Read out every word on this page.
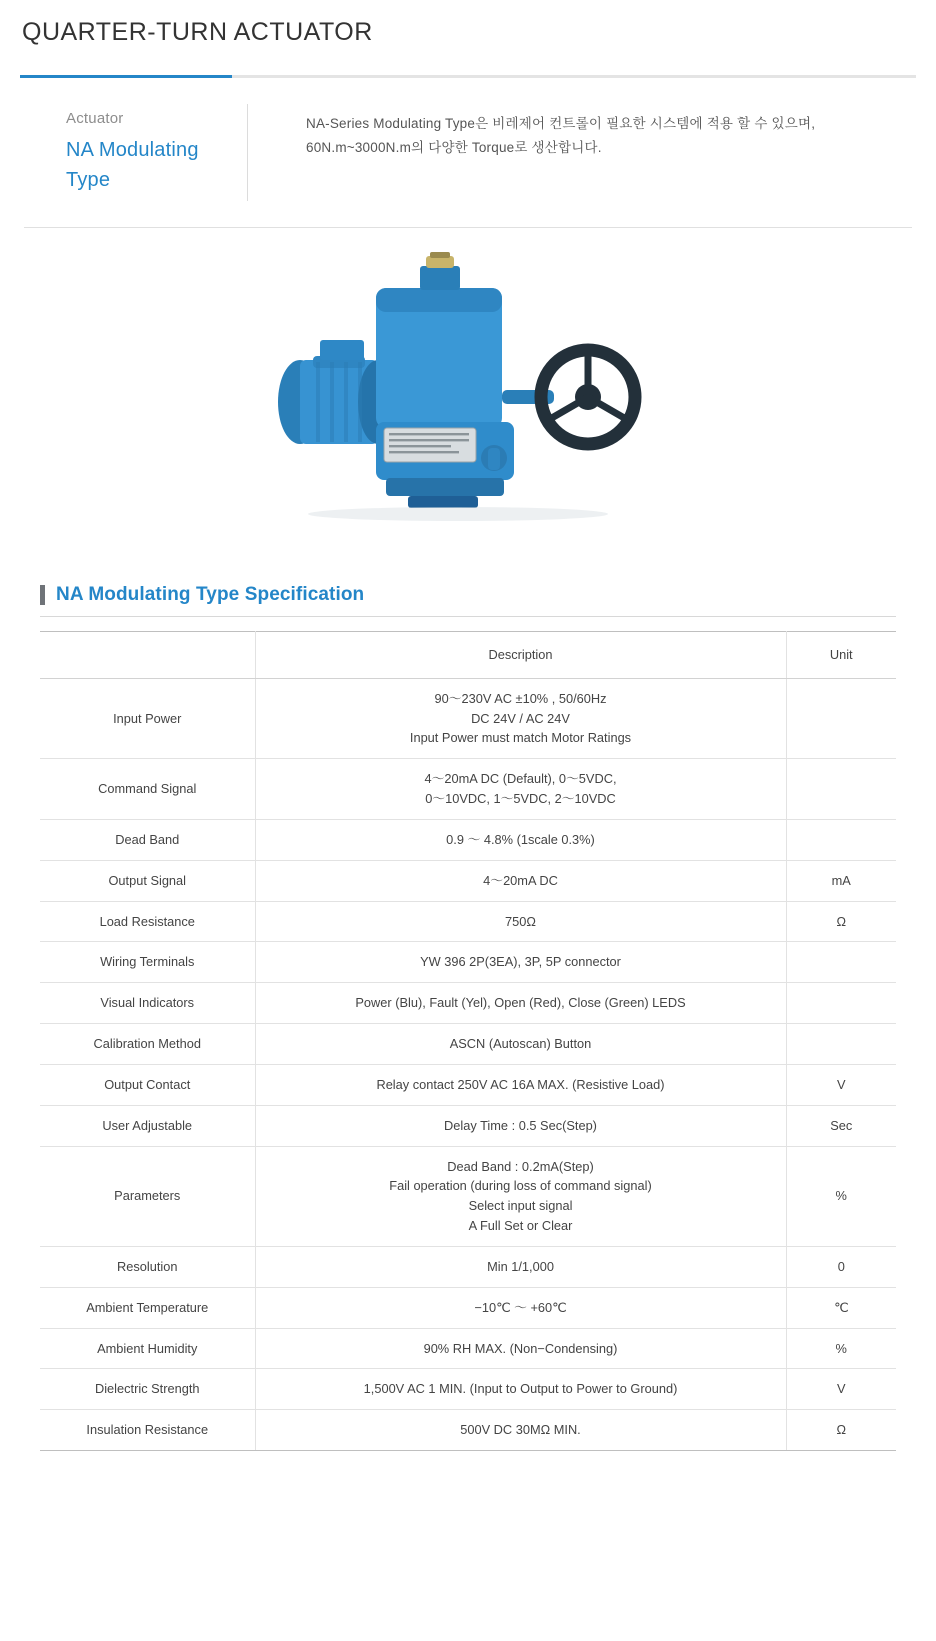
QUARTER-TURN ACTUATOR
Actuator
NA Modulating Type
NA-Series Modulating Type은 비레제어 컨트롤이 필요한 시스템에 적용 할 수 있으며, 60N.m~3000N.m의 다양한 Torque로 생산합니다.
NA Modulating Type Specification
	Description	Unit
Input Power	90〜230V AC ±10% , 50/60Hz
DC 24V / AC 24V
Input Power must match Motor Ratings	
Command Signal	4〜20mA DC (Default), 0〜5VDC,
0〜10VDC, 1〜5VDC, 2〜10VDC	
Dead Band	0.9 〜 4.8% (1scale 0.3%)	
Output Signal	4〜20mA DC	mA
Load Resistance	750Ω	Ω
Wiring Terminals	YW 396 2P(3EA), 3P, 5P connector	
Visual Indicators	Power (Blu), Fault (Yel), Open (Red), Close (Green) LEDS	
Calibration Method	ASCN (Autoscan) Button	
Output Contact	Relay contact 250V AC 16A MAX. (Resistive Load)	V
User Adjustable	Delay Time : 0.5 Sec(Step)	Sec
Parameters	Dead Band : 0.2mA(Step)
Fail operation (during loss of command signal)
Select input signal
A Full Set or Clear	%
Resolution	Min 1/1,000	0
Ambient Temperature	−10℃ 〜 +60℃	℃
Ambient Humidity	90% RH MAX. (Non−Condensing)	%
Dielectric Strength	1,500V AC 1 MIN. (Input to Output to Power to Ground)	V
Insulation Resistance	500V DC 30MΩ MIN.	Ω
